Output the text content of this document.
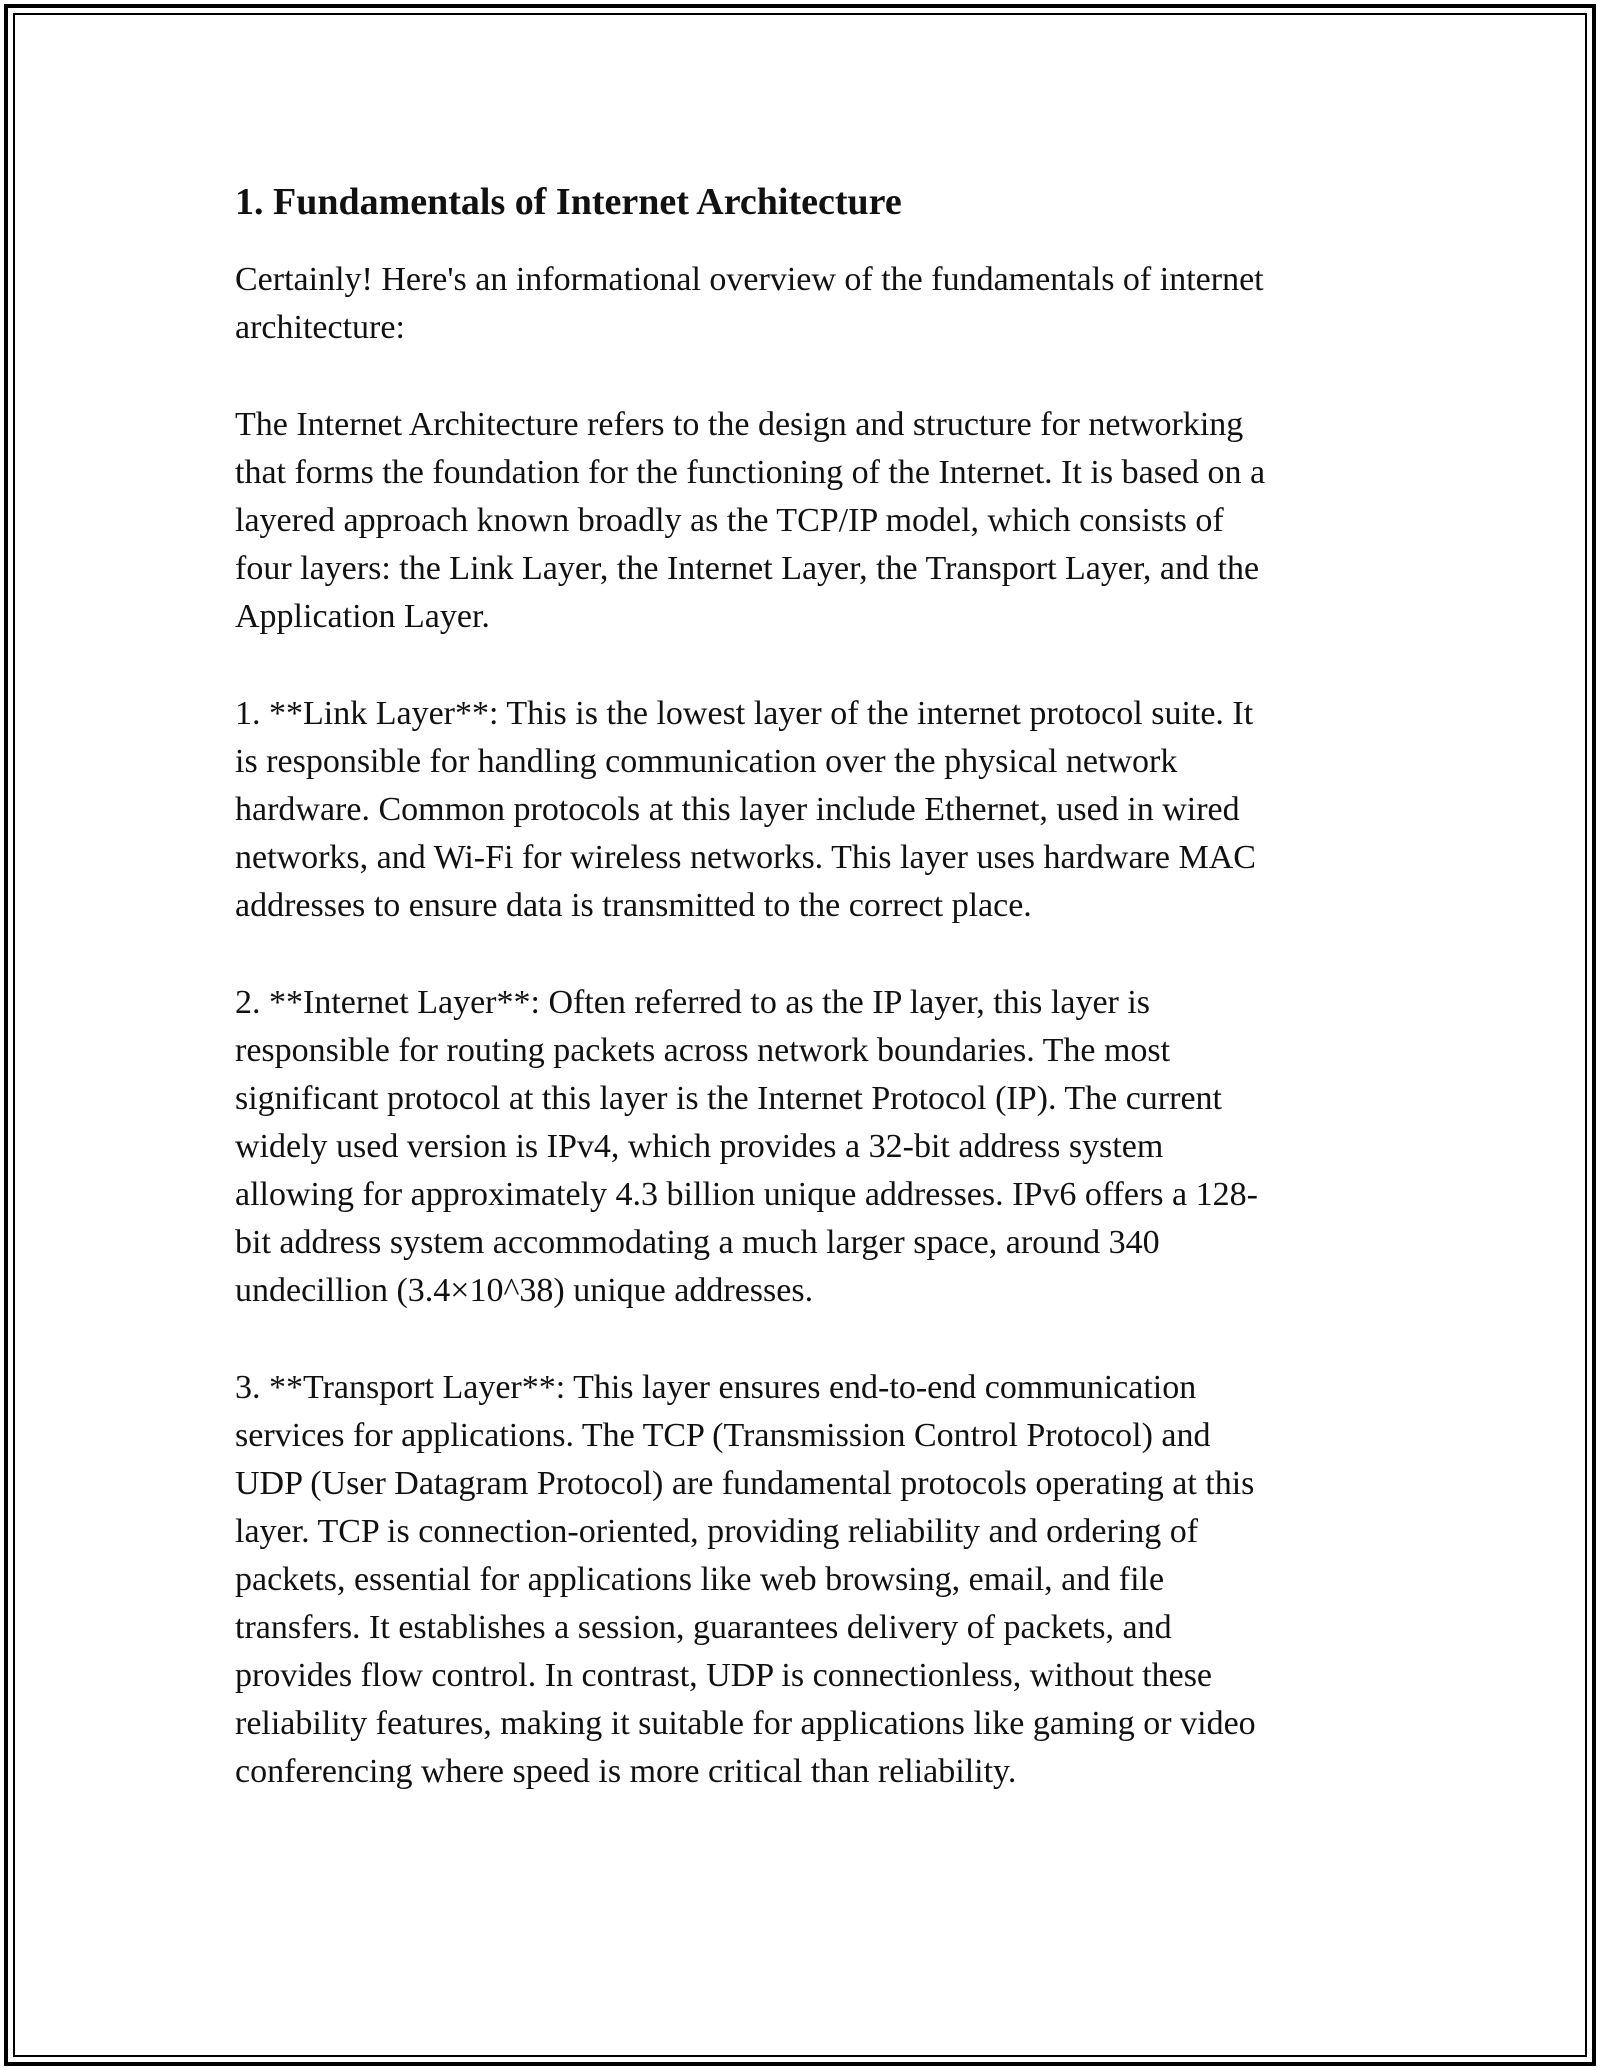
1. Fundamentals of Internet Architecture

Certainly! Here's an informational overview of the fundamentals of internet
architecture:

The Internet Architecture refers to the design and structure for networking
that forms the foundation for the functioning of the Internet. It is based on a
layered approach known broadly as the TCP/IP model, which consists of
four layers: the Link Layer, the Internet Layer, the Transport Layer, and the
Application Layer.

1. **Link Layer**: This is the lowest layer of the internet protocol suite. It
is responsible for handling communication over the physical network
hardware. Common protocols at this layer include Ethernet, used in wired
networks, and Wi-Fi for wireless networks. This layer uses hardware MAC
addresses to ensure data is transmitted to the correct place.

2. **Internet Layer**: Often referred to as the IP layer, this layer is
responsible for routing packets across network boundaries. The most
significant protocol at this layer is the Internet Protocol (IP). The current
widely used version is IPv4, which provides a 32-bit address system
allowing for approximately 4.3 billion unique addresses. IPv6 offers a 128-
bit address system accommodating a much larger space, around 340
undecillion (3.4×10^38) unique addresses.

3. **Transport Layer**: This layer ensures end-to-end communication
services for applications. The TCP (Transmission Control Protocol) and
UDP (User Datagram Protocol) are fundamental protocols operating at this
layer. TCP is connection-oriented, providing reliability and ordering of
packets, essential for applications like web browsing, email, and file
transfers. It establishes a session, guarantees delivery of packets, and
provides flow control. In contrast, UDP is connectionless, without these
reliability features, making it suitable for applications like gaming or video
conferencing where speed is more critical than reliability.
